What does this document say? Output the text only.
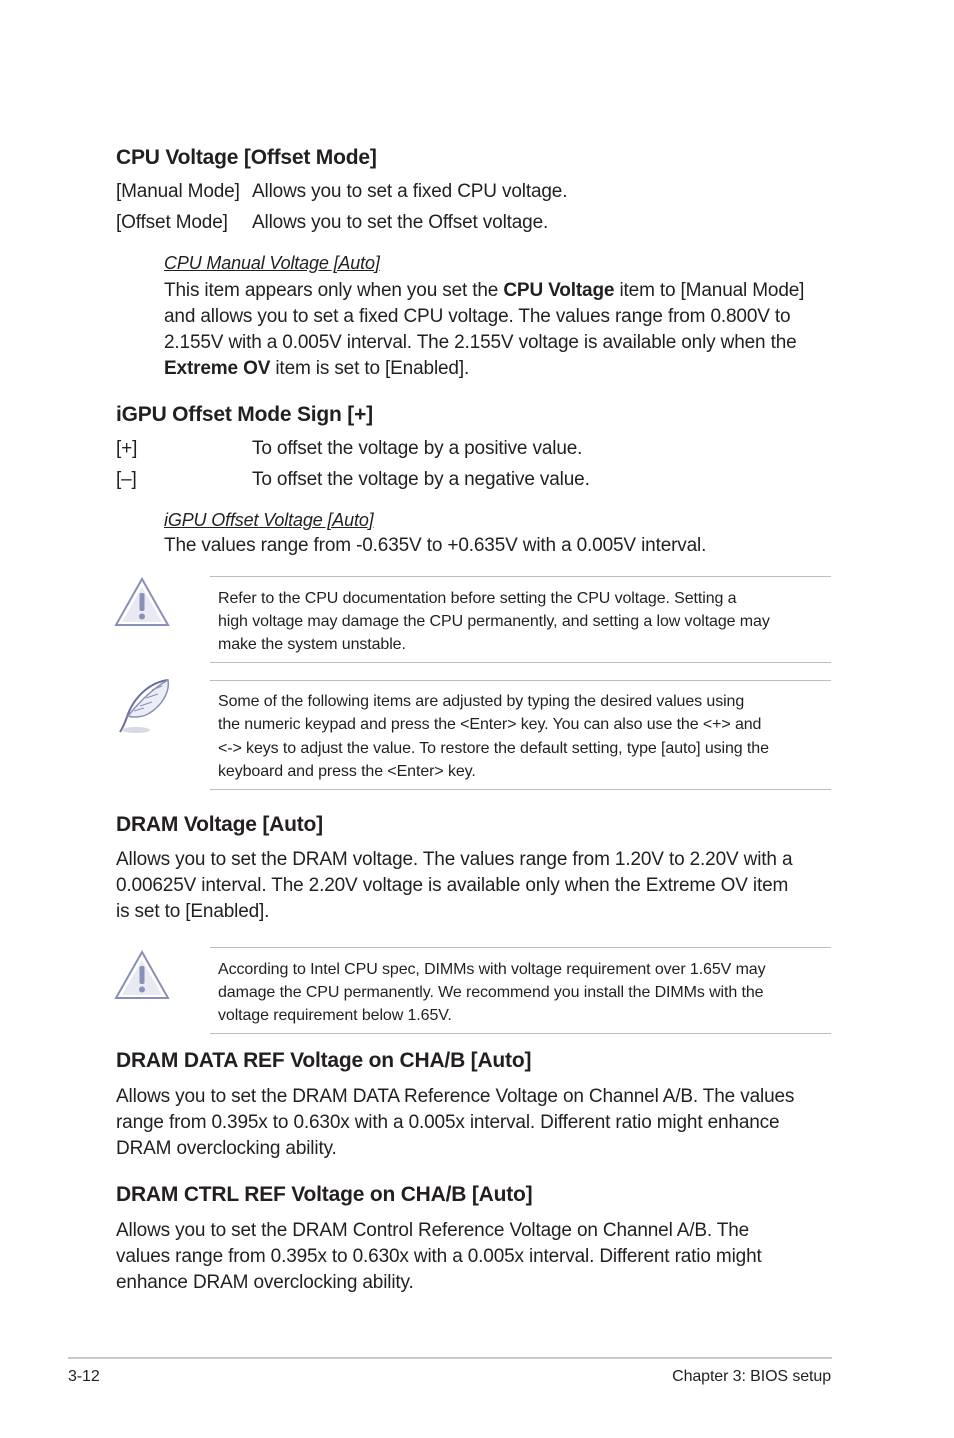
CPU Voltage [Offset Mode]
[Manual Mode] Allows you to set a fixed CPU voltage.
[Offset Mode] Allows you to set the Offset voltage.
CPU Manual Voltage [Auto]
This item appears only when you set the CPU Voltage item to [Manual Mode]
and allows you to set a fixed CPU voltage. The values range from 0.800V to
2.155V with a 0.005V interval. The 2.155V voltage is available only when the
Extreme OV item is set to [Enabled].
iGPU Offset Mode Sign [+]
[+]	To offset the voltage by a positive value.
[–]	To offset the voltage by a negative value.
iGPU Offset Voltage [Auto]
The values range from -0.635V to +0.635V with a 0.005V interval.
Refer to the CPU documentation before setting the CPU voltage. Setting a
high voltage may damage the CPU permanently, and setting a low voltage may
make the system unstable.
Some of the following items are adjusted by typing the desired values using
the numeric keypad and press the <Enter> key. You can also use the <+> and
<-> keys to adjust the value. To restore the default setting, type [auto] using the
keyboard and press the <Enter> key.
DRAM Voltage [Auto]
Allows you to set the DRAM voltage. The values range from 1.20V to 2.20V with a
0.00625V interval. The 2.20V voltage is available only when the Extreme OV item
is set to [Enabled].
According to Intel CPU spec, DIMMs with voltage requirement over 1.65V may
damage the CPU permanently. We recommend you install the DIMMs with the
voltage requirement below 1.65V.
DRAM DATA REF Voltage on CHA/B [Auto]
Allows you to set the DRAM DATA Reference Voltage on Channel A/B. The values
range from 0.395x to 0.630x with a 0.005x interval. Different ratio might enhance
DRAM overclocking ability.
DRAM CTRL REF Voltage on CHA/B [Auto]
Allows you to set the DRAM Control Reference Voltage on Channel A/B. The
values range from 0.395x to 0.630x with a 0.005x interval. Different ratio might
enhance DRAM overclocking ability.
3-12	Chapter 3: BIOS setup
